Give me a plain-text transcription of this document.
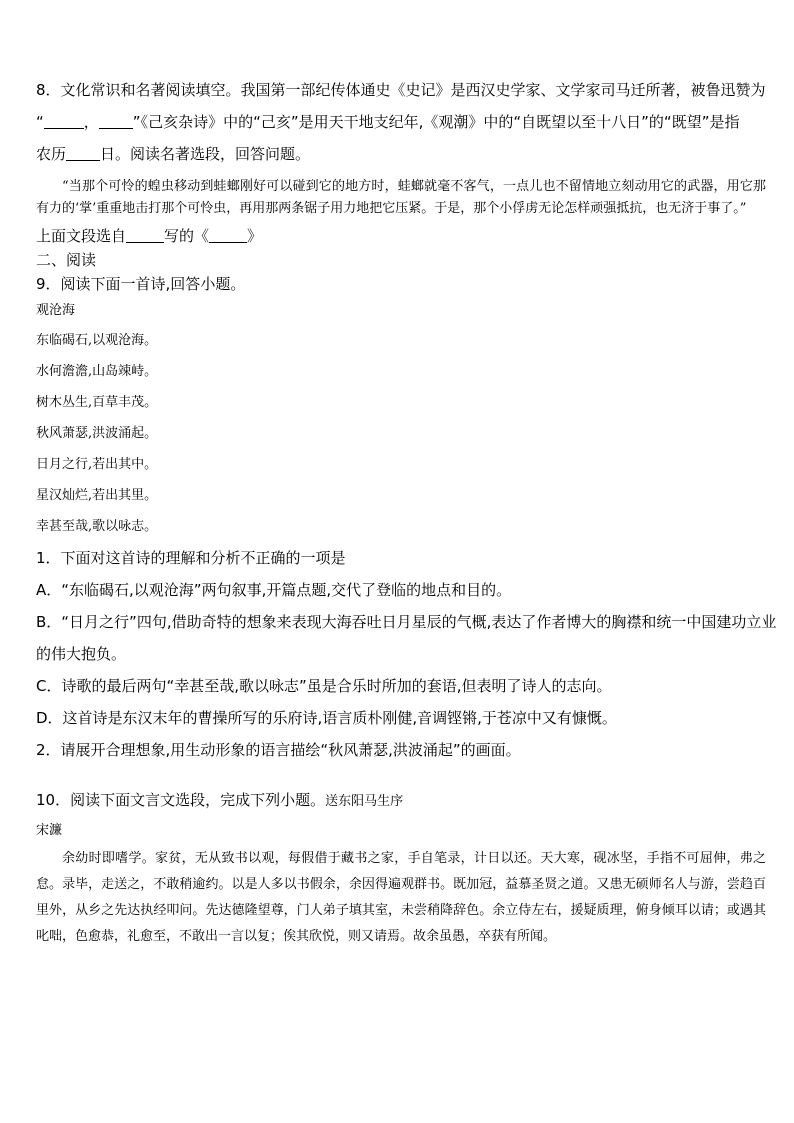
8．文化常识和名著阅读填空。我国第一部纪传体通史《史记》是西汉史学家、文学家司马迁所著，被鲁迅赞为
“	， ”《己亥杂诗》中的“己亥”是用天干地支纪年,《观潮》中的“自既望以至十八日”的“既望”是指
农历 日。阅读名著选段，回答问题。
“当那个可怜的蝗虫移动到蛙螂刚好可以碰到它的地方时，蛙螂就毫不客气，一点儿也不留情地立刻动用它的武器，用它那有力的‘掌’重重地击打那个可怜虫，再用那两条锯子用力地把它压紧。于是，那个小俘虏无论怎样顽强抵抗，也无济于事了。”
上面文段选自	写的《	》
二、阅读
9．阅读下面一首诗,回答小题。
观沧海
东临碣石,以观沧海。
水何澹澹,山岛竦峙。
树木丛生,百草丰茂。
秋风萧瑟,洪波涌起。
日月之行,若出其中。
星汉灿烂,若出其里。
幸甚至哉,歌以咏志。
1．下面对这首诗的理解和分析不正确的一项是
A．“东临碣石,以观沧海”两句叙事,开篇点题,交代了登临的地点和目的。
B．“日月之行”四句,借助奇特的想象来表现大海吞吐日月星辰的气概,表达了作者博大的胸襟和统一中国建功立业
的伟大抱负。
C．诗歌的最后两句“幸甚至哉,歌以咏志”虽是合乐时所加的套语,但表明了诗人的志向。
D．这首诗是东汉末年的曹操所写的乐府诗,语言质朴刚健,音调铿锵,于苍凉中又有慷慨。
2．请展开合理想象,用生动形象的语言描绘“秋风萧瑟,洪波涌起”的画面。
10．阅读下面文言文选段，完成下列小题。送东阳马生序
宋濂
余幼时即嗜学。家贫，无从致书以观，每假借于藏书之家，手自笔录，计日以还。天大寒，砚冰坚，手指不可屈伸，弗之怠。录毕，走送之，不敢稍逾约。以是人多以书假余，余因得遍观群书。既加冠，益慕圣贤之道。又患无硕师名人与游，尝趋百里外，从乡之先达执经叩问。先达德隆望尊，门人弟子填其室，未尝稍降辞色。余立侍左右，援疑质理，俯身倾耳以请；或遇其叱咄，色愈恭，礼愈至，不敢出一言以复；俟其欣悦，则又请焉。故余虽愚，卒获有所闻。
